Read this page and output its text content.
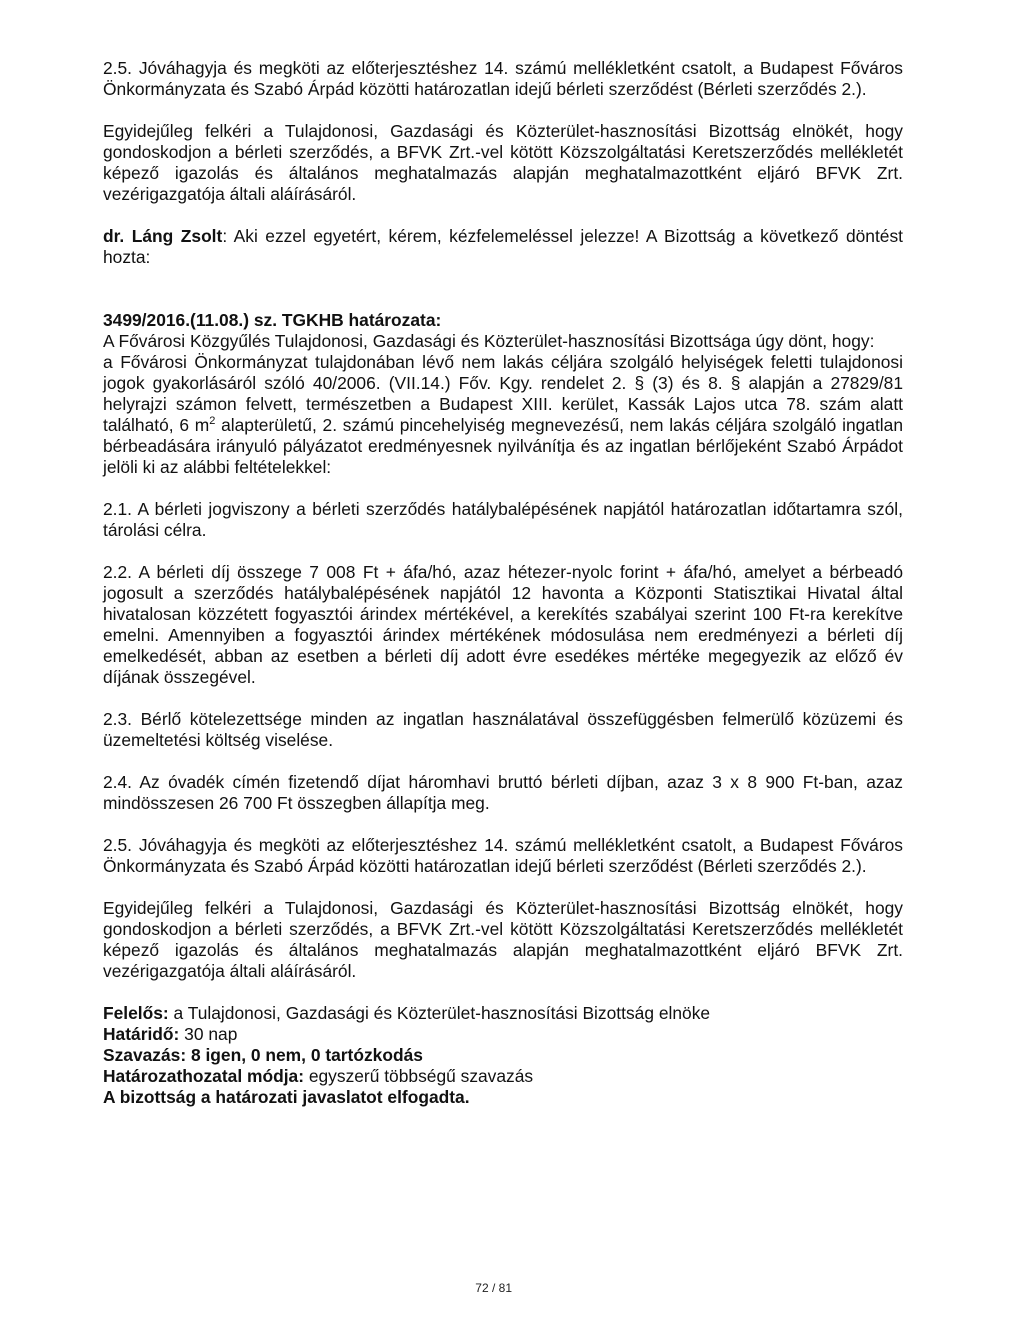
2.5. Jóváhagyja és megköti az előterjesztéshez 14. számú mellékletként csatolt, a Budapest Főváros Önkormányzata és Szabó Árpád közötti határozatlan idejű bérleti szerződést (Bérleti szerződés 2.).

Egyidejűleg felkéri a Tulajdonosi, Gazdasági és Közterület-hasznosítási Bizottság elnökét, hogy gondoskodjon a bérleti szerződés, a BFVK Zrt.-vel kötött Közszolgáltatási Keretszerződés mellékletét képező igazolás és általános meghatalmazás alapján meghatalmazottként eljáró BFVK Zrt. vezérigazgatója általi aláírásáról.

dr. Láng Zsolt: Aki ezzel egyetért, kérem, kézfelemeléssel jelezze! A Bizottság a következő döntést hozta:

3499/2016.(11.08.) sz. TGKHB határozata:

A Fővárosi Közgyűlés Tulajdonosi, Gazdasági és Közterület-hasznosítási Bizottsága úgy dönt, hogy:

a Fővárosi Önkormányzat tulajdonában lévő nem lakás céljára szolgáló helyiségek feletti tulajdonosi jogok gyakorlásáról szóló 40/2006. (VII.14.) Főv. Kgy. rendelet 2. § (3) és 8. § alapján a 27829/81 helyrajzi számon felvett, természetben a Budapest XIII. kerület, Kassák Lajos utca 78. szám alatt található, 6 $m^2$ alapterületű, 2. számú pincehelyiség megnevezésű, nem lakás céljára szolgáló ingatlan bérbeadására irányuló pályázatot eredményesnek nyilvánítja és az ingatlan bérlőjeként Szabó Árpádot jelöli ki az alábbi feltételekkel:

2.1. A bérleti jogviszony a bérleti szerződés hatálybalépésének napjától határozatlan időtartamra szól, tárolási célra.

2.2. A bérleti díj összege 7 008 Ft + áfa/hó, azaz hétezer-nyolc forint + áfa/hó, amelyet a bérbeadó jogosult a szerződés hatálybalépésének napjától 12 havonta a Központi Statisztikai Hivatal által hivatalosan közzétett fogyasztói árindex mértékével, a kerekítés szabályai szerint 100 Ft-ra kerekítve emelni. Amennyiben a fogyasztói árindex mértékének módosulása nem eredményezi a bérleti díj emelkedését, abban az esetben a bérleti díj adott évre esedékes mértéke megegyezik az előző év díjának összegével.

2.3. Bérlő kötelezettsége minden az ingatlan használatával összefüggésben felmerülő közüzemi és üzemeltetési költség viselése.

2.4. Az óvadék címén fizetendő díjat háromhavi bruttó bérleti díjban, azaz 3 x 8 900 Ft-ban, azaz mindösszesen 26 700 Ft összegben állapítja meg.

2.5. Jóváhagyja és megköti az előterjesztéshez 14. számú mellékletként csatolt, a Budapest Főváros Önkormányzata és Szabó Árpád közötti határozatlan idejű bérleti szerződést (Bérleti szerződés 2.).

Egyidejűleg felkéri a Tulajdonosi, Gazdasági és Közterület-hasznosítási Bizottság elnökét, hogy gondoskodjon a bérleti szerződés, a BFVK Zrt.-vel kötött Közszolgáltatási Keretszerződés mellékletét képező igazolás és általános meghatalmazás alapján meghatalmazottként eljáró BFVK Zrt. vezérigazgatója általi aláírásáról.

Felelős: a Tulajdonosi, Gazdasági és Közterület-hasznosítási Bizottság elnöke

Határidő: 30 nap

Szavazás: 8 igen, 0 nem, 0 tartózkodás

Határozathozatal módja: egyszerű többségű szavazás

A bizottság a határozati javaslatot elfogadta.

72 / 81
